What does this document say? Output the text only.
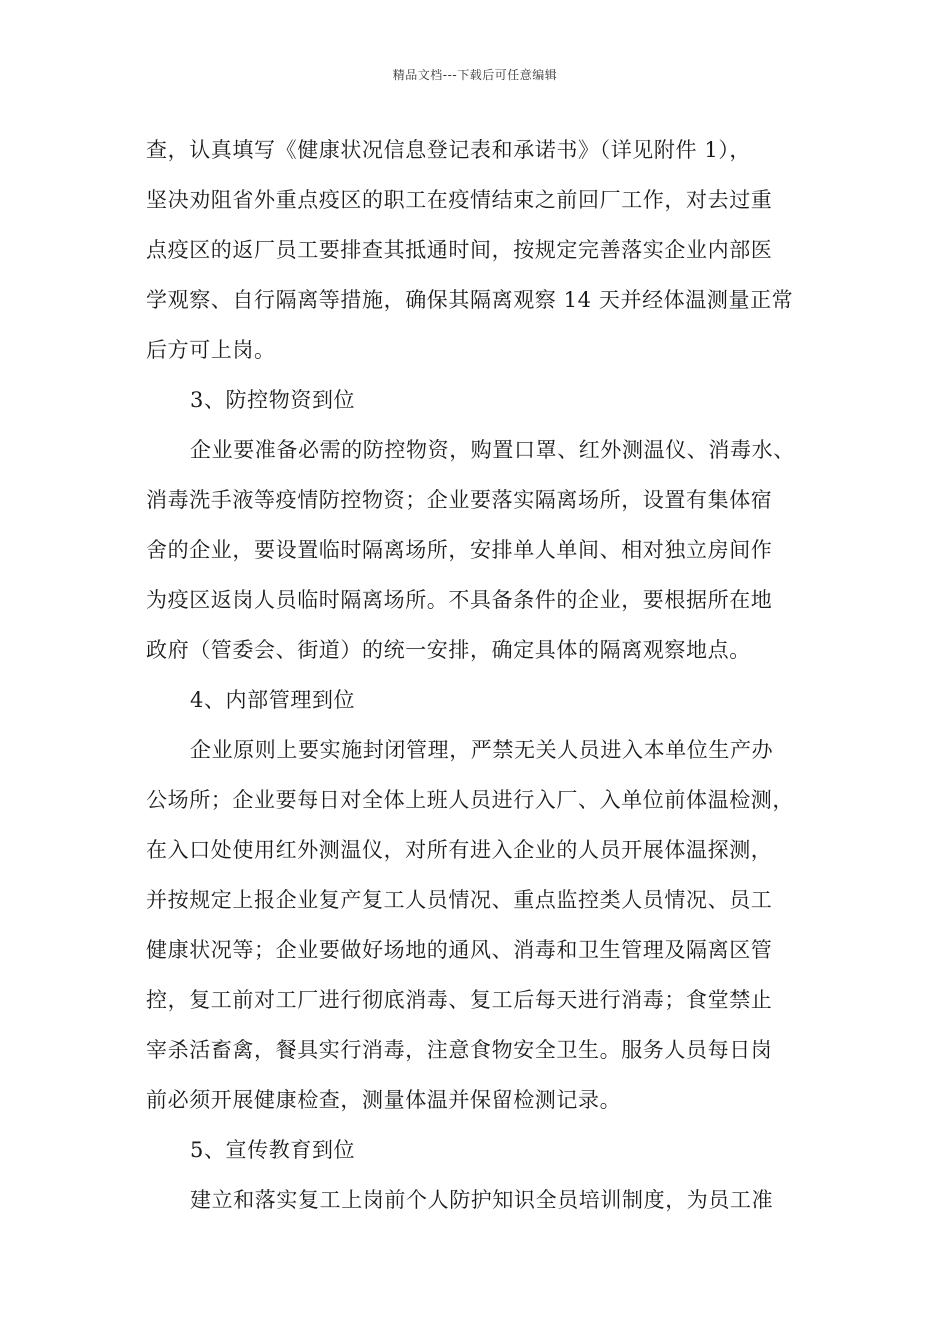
精品文档---下载后可任意编辑
查，认真填写《健康状况信息登记表和承诺书》（详见附件 1），
坚决劝阻省外重点疫区的职工在疫情结束之前回厂工作，对去过重
点疫区的返厂员工要排查其抵通时间，按规定完善落实企业内部医
学观察、自行隔离等措施，确保其隔离观察 14 天并经体温测量正常
后方可上岗。
3、防控物资到位
企业要准备必需的防控物资，购置口罩、红外测温仪、消毒水、
消毒洗手液等疫情防控物资；企业要落实隔离场所，设置有集体宿
舍的企业，要设置临时隔离场所，安排单人单间、相对独立房间作
为疫区返岗人员临时隔离场所。不具备条件的企业，要根据所在地
政府（管委会、街道）的统一安排，确定具体的隔离观察地点。
4、内部管理到位
企业原则上要实施封闭管理，严禁无关人员进入本单位生产办
公场所；企业要每日对全体上班人员进行入厂、入单位前体温检测，
在入口处使用红外测温仪，对所有进入企业的人员开展体温探测，
并按规定上报企业复产复工人员情况、重点监控类人员情况、员工
健康状况等；企业要做好场地的通风、消毒和卫生管理及隔离区管
控，复工前对工厂进行彻底消毒、复工后每天进行消毒；食堂禁止
宰杀活畜禽，餐具实行消毒，注意食物安全卫生。服务人员每日岗
前必须开展健康检查，测量体温并保留检测记录。
5、宣传教育到位
建立和落实复工上岗前个人防护知识全员培训制度，为员工准
